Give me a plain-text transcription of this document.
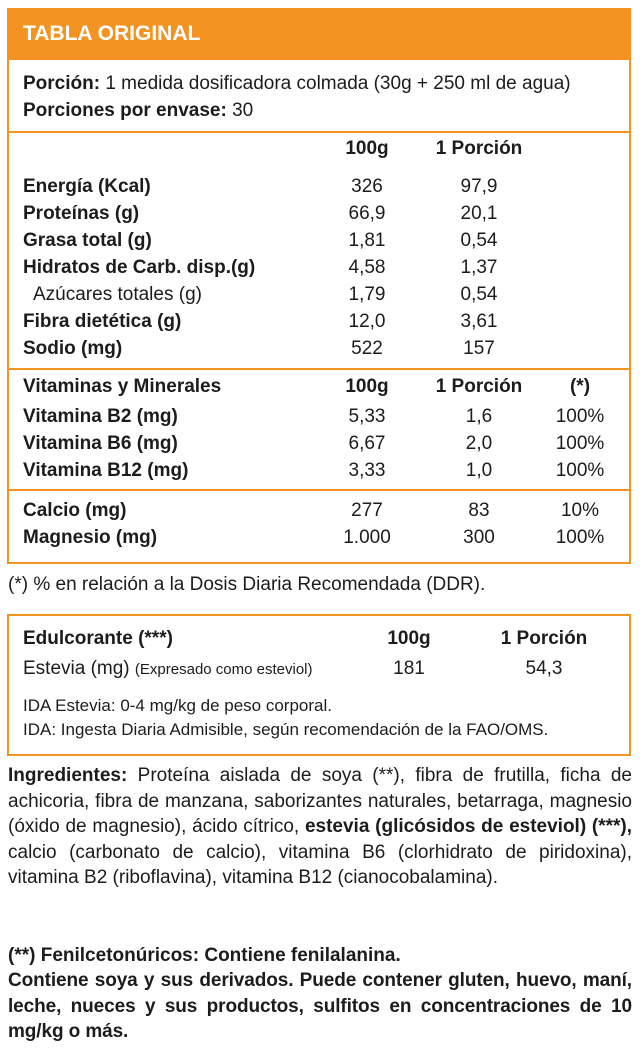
TABLA ORIGINAL
Porción: 1 medida dosificadora colmada (30g + 250 ml de agua)
Porciones por envase: 30
100g	1 Porción
Energía (Kcal)	326	97,9
Proteínas (g)	66,9	20,1
Grasa total (g)	1,81	0,54
Hidratos de Carb. disp.(g)	4,58	1,37
Azúcares totales (g)	1,79	0,54
Fibra dietética (g)	12,0	3,61
Sodio (mg)	522	157
Vitaminas y Minerales	100g	1 Porción	(*)
Vitamina B2 (mg)	5,33	1,6	100%
Vitamina B6 (mg)	6,67	2,0	100%
Vitamina B12 (mg)	3,33	1,0	100%
Calcio (mg)	277	83	10%
Magnesio (mg)	1.000	300	100%
(*) % en relación a la Dosis Diaria Recomendada (DDR).
Edulcorante (***)	100g	1 Porción
Estevia (mg) (Expresado como esteviol)	181	54,3
IDA Estevia: 0-4 mg/kg de peso corporal.
IDA: Ingesta Diaria Admisible, según recomendación de la FAO/OMS.
Ingredientes: Proteína aislada de soya (**), fibra de frutilla, ficha de achicoria, fibra de manzana, saborizantes naturales, betarraga, magnesio (óxido de magnesio), ácido cítrico, estevia (glicósidos de esteviol) (***), calcio (carbonato de calcio), vitamina B6 (clorhidrato de piridoxina), vitamina B2 (riboflavina), vitamina B12 (cianocobalamina).
(**) Fenilcetonúricos: Contiene fenilalanina.
Contiene soya y sus derivados. Puede contener gluten, huevo, maní, leche, nueces y sus productos, sulfitos en concentraciones de 10 mg/kg o más.
